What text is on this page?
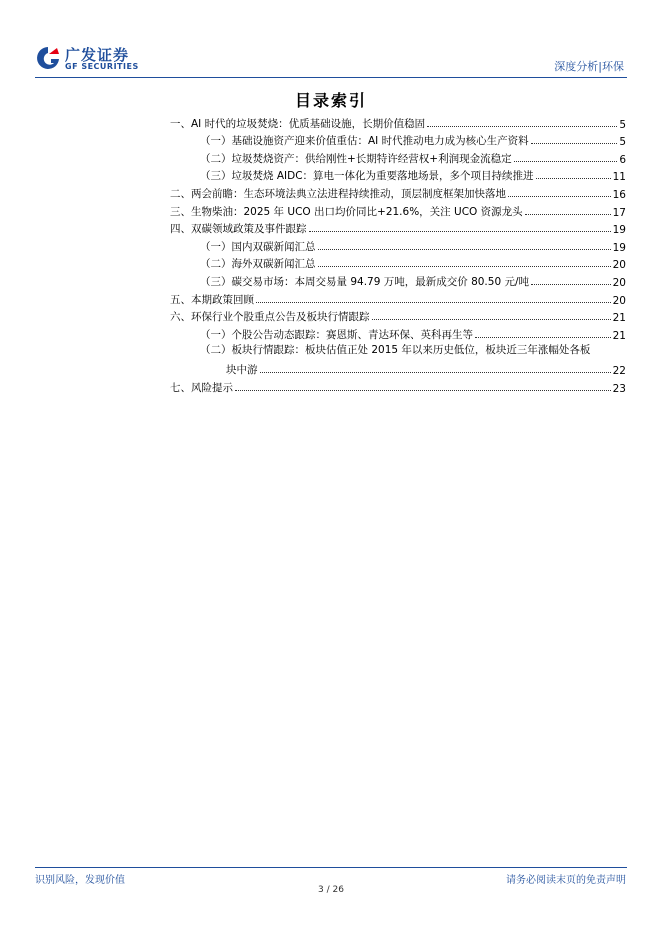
广发证券
GF SECURITIES	深度分析|环保
目录索引
一、AI 时代的垃圾焚烧：优质基础设施，长期价值稳固	5
（一）基础设施资产迎来价值重估：AI 时代推动电力成为核心生产资料	5
（二）垃圾焚烧资产：供给刚性+长期特许经营权+利润现金流稳定	6
（三）垃圾焚烧 AIDC：算电一体化为重要落地场景，多个项目持续推进	11
二、两会前瞻：生态环境法典立法进程持续推动，顶层制度框架加快落地	16
三、生物柴油：2025 年 UCO 出口均价同比+21.6%，关注 UCO 资源龙头	17
四、双碳领域政策及事件跟踪	19
（一）国内双碳新闻汇总	19
（二）海外双碳新闻汇总	20
（三）碳交易市场：本周交易量 94.79 万吨，最新成交价 80.50 元/吨	20
五、本期政策回顾	20
六、环保行业个股重点公告及板块行情跟踪	21
（一）个股公告动态跟踪：赛恩斯、青达环保、英科再生等	21
（二）板块行情跟踪：板块估值正处 2015 年以来历史低位，板块近三年涨幅处各板
块中游	22
七、风险提示	23
识别风险，发现价值	请务必阅读末页的免责声明
3 / 26
